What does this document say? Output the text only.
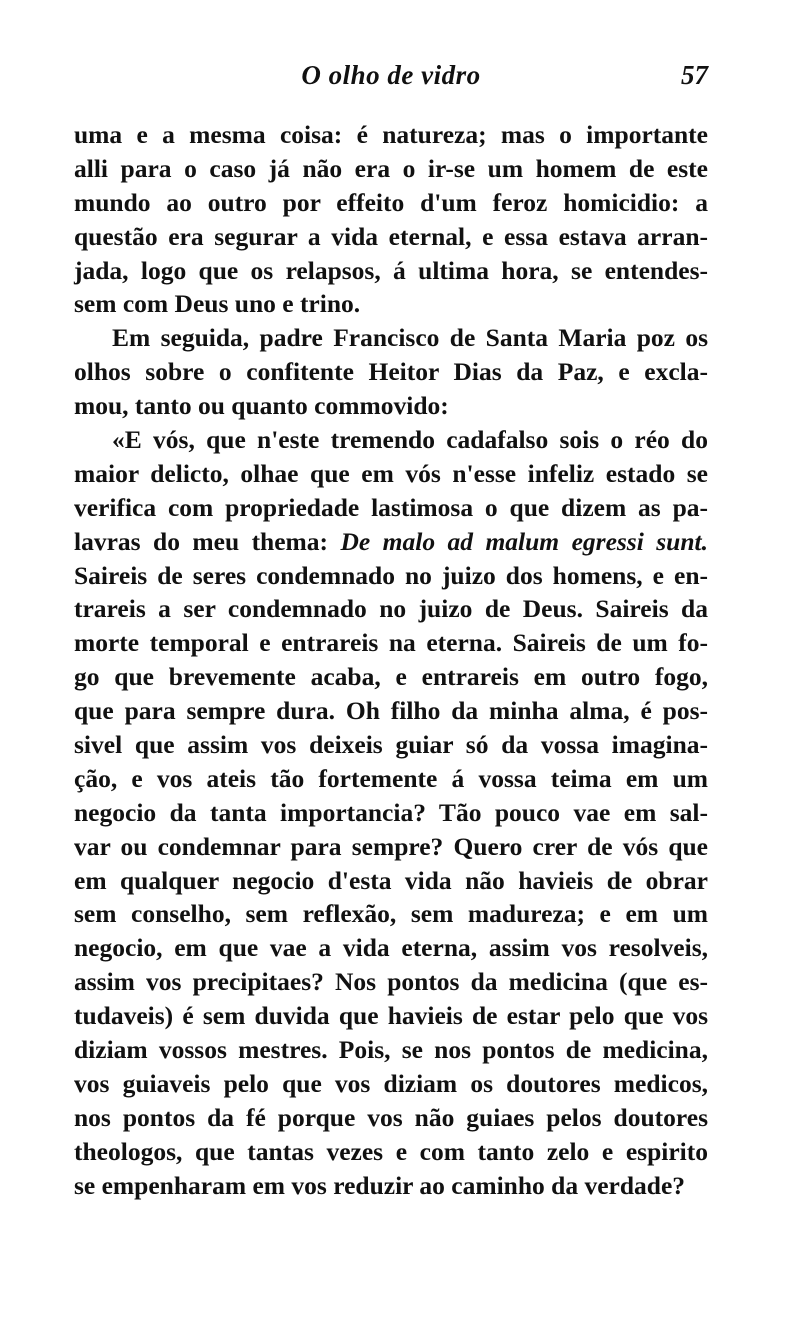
O olho de vidro	57
uma e a mesma coisa: é natureza; mas o importante
alli para o caso já não era o ir-se um homem de este
mundo ao outro por effeito d'um feroz homicidio: a
questão era segurar a vida eternal, e essa estava arran-
jada, logo que os relapsos, á ultima hora, se entendes-
sem com Deus uno e trino.
Em seguida, padre Francisco de Santa Maria poz os
olhos sobre o confitente Heitor Dias da Paz, e excla-
mou, tanto ou quanto commovido:
«E vós, que n'este tremendo cadafalso sois o réo do
maior delicto, olhae que em vós n'esse infeliz estado se
verifica com propriedade lastimosa o que dizem as pa-
lavras do meu thema: De malo ad malum egressi sunt.
Saireis de seres condemnado no juizo dos homens, e en-
trareis a ser condemnado no juizo de Deus. Saireis da
morte temporal e entrareis na eterna. Saireis de um fo-
go que brevemente acaba, e entrareis em outro fogo,
que para sempre dura. Oh filho da minha alma, é pos-
sivel que assim vos deixeis guiar só da vossa imagina-
ção, e vos ateis tão fortemente á vossa teima em um
negocio da tanta importancia? Tão pouco vae em sal-
var ou condemnar para sempre? Quero crer de vós que
em qualquer negocio d'esta vida não havieis de obrar
sem conselho, sem reflexão, sem madureza; e em um
negocio, em que vae a vida eterna, assim vos resolveis,
assim vos precipitaes? Nos pontos da medicina (que es-
tudaveis) é sem duvida que havieis de estar pelo que vos
diziam vossos mestres. Pois, se nos pontos de medicina,
vos guiaveis pelo que vos diziam os doutores medicos,
nos pontos da fé porque vos não guiaes pelos doutores
theologos, que tantas vezes e com tanto zelo e espirito
se empenharam em vos reduzir ao caminho da verdade?
